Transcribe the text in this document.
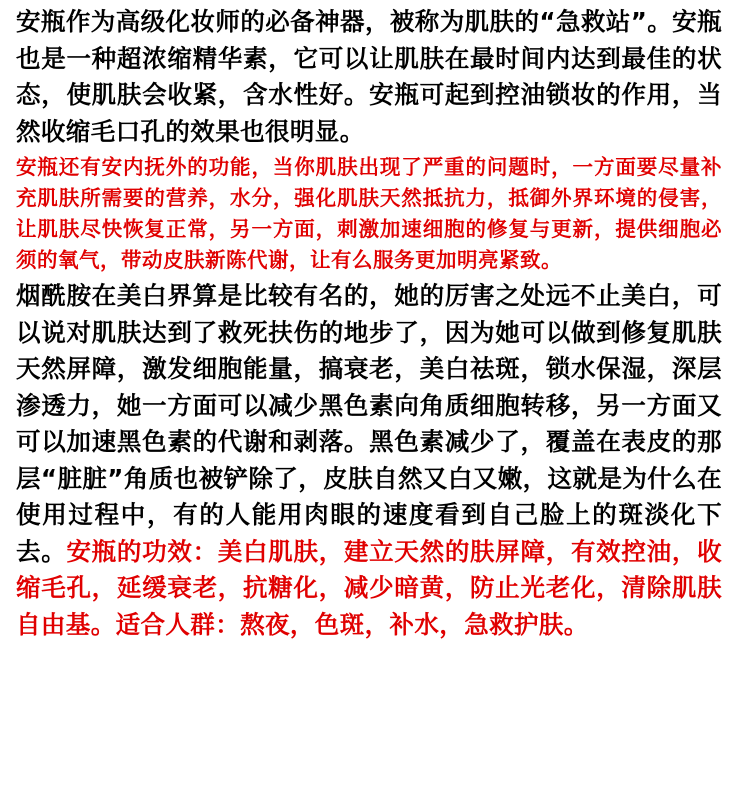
安瓶作为高级化妆师的必备神器，被称为肌肤的“急救站”。安瓶也是一种超浓缩精华素，它可以让肌肤在最时间内达到最佳的状态，使肌肤会收紧，含水性好。安瓶可起到控油锁妆的作用，当然收缩毛口孔的效果也很明显。

安瓶还有安内抚外的功能，当你肌肤出现了严重的问题时，一方面要尽量补充肌肤所需要的营养，水分，强化肌肤天然抵抗力，抵御外界环境的侵害，让肌肤尽快恢复正常，另一方面，刺激加速细胞的修复与更新，提供细胞必须的氧气，带动皮肤新陈代谢，让有么服务更加明亮紧致。

烟酰胺在美白界算是比较有名的，她的厉害之处远不止美白，可以说对肌肤达到了救死扶伤的地步了，因为她可以做到修复肌肤天然屏障，激发细胞能量，搞衰老，美白祛斑，锁水保湿，深层渗透力，她一方面可以减少黑色素向角质细胞转移，另一方面又可以加速黑色素的代谢和剥落。黑色素减少了，覆盖在表皮的那层“脏脏”角质也被铲除了，皮肤自然又白又嫩，这就是为什么在使用过程中，有的人能用肉眼的速度看到自己脸上的斑淡化下去。安瓶的功效：美白肌肤，建立天然的肤屏障，有效控油，收缩毛孔，延缓衰老，抗糖化，减少暗黄，防止光老化，清除肌肤自由基。适合人群：熬夜，色斑，补水，急救护肤。
